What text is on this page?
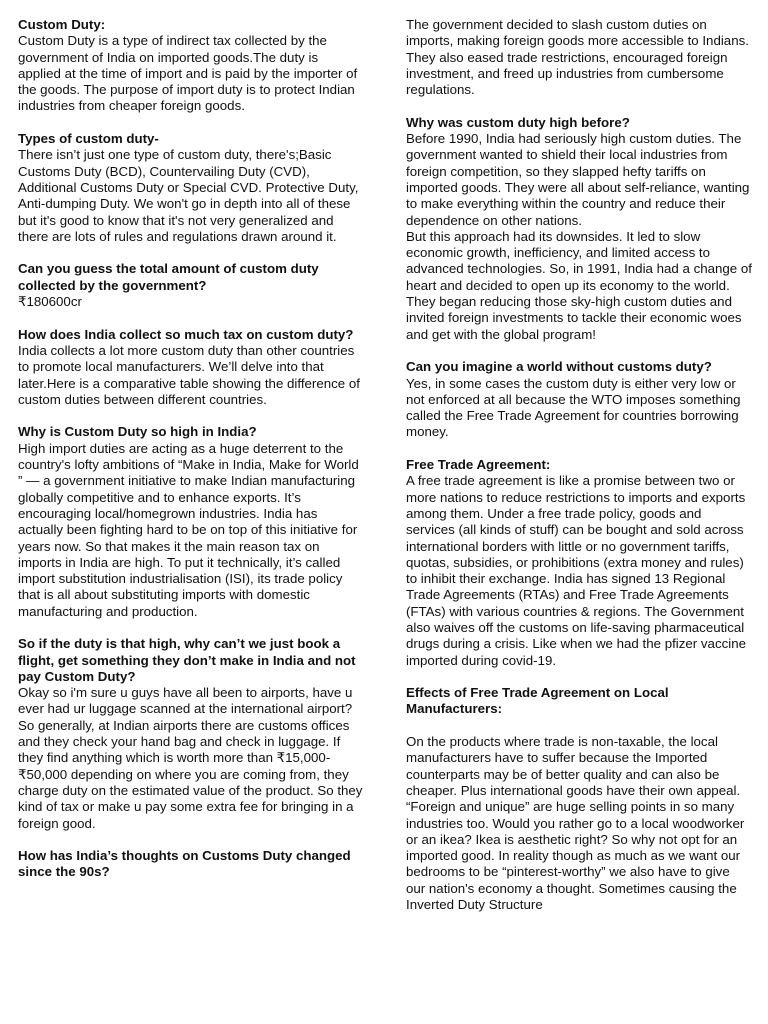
Custom Duty:

Custom Duty is a type of indirect tax collected by the government of India on imported goods.The duty is applied at the time of import and is paid by the importer of the goods. The purpose of import duty is to protect Indian industries from cheaper foreign goods.

Types of custom duty-

There isn’t just one type of custom duty, there's;Basic Customs Duty (BCD), Countervailing Duty (CVD), Additional Customs Duty or Special CVD. Protective Duty, Anti-dumping Duty. We won't go in depth into all of these but it's good to know that it's not very generalized and there are lots of rules and regulations drawn around it.

Can you guess the total amount of custom duty collected by the government?

₹180600cr

How does India collect so much tax on custom duty?

India collects a lot more custom duty than other countries to promote local manufacturers. We’ll delve into that later.Here is a comparative table showing the difference of custom duties between different countries.

Why is Custom Duty so high in India?

High import duties are acting as a huge deterrent to the country's lofty ambitions of “Make in India, Make for World ” — a government initiative to make Indian manufacturing globally competitive and to enhance exports. It’s encouraging local/homegrown industries. India has actually been fighting hard to be on top of this initiative for years now. So that makes it the main reason tax on imports in India are high. To put it technically, it’s called import substitution industrialisation (ISI), its trade policy that is all about substituting imports with domestic manufacturing and production.

So if the duty is that high, why can’t we just book a flight, get something they don’t make in India and not pay Custom Duty?

Okay so i'm sure u guys have all been to airports, have u ever had ur luggage scanned at the international airport? So generally, at Indian airports there are customs offices and they check your hand bag and check in luggage. If they find anything which is worth more than ₹15,000-₹50,000 depending on where you are coming from, they charge duty on the estimated value of the product. So they kind of tax or make u pay some extra fee for bringing in a foreign good.

How has India’s thoughts on Customs Duty changed since the 90s?

The government decided to slash custom duties on imports, making foreign goods more accessible to Indians. They also eased trade restrictions, encouraged foreign investment, and freed up industries from cumbersome regulations.

Why was custom duty high before?

Before 1990, India had seriously high custom duties. The government wanted to shield their local industries from foreign competition, so they slapped hefty tariffs on imported goods. They were all about self-reliance, wanting to make everything within the country and reduce their dependence on other nations.

But this approach had its downsides. It led to slow economic growth, inefficiency, and limited access to advanced technologies. So, in 1991, India had a change of heart and decided to open up its economy to the world. They began reducing those sky-high custom duties and invited foreign investments to tackle their economic woes and get with the global program!

Can you imagine a world without customs duty?

Yes, in some cases the custom duty is either very low or not enforced at all because the WTO imposes something called the Free Trade Agreement for countries borrowing money.

Free Trade Agreement:

A free trade agreement is like a promise between two or more nations to reduce restrictions to imports and exports among them. Under a free trade policy, goods and services (all kinds of stuff) can be bought and sold across international borders with little or no government tariffs, quotas, subsidies, or prohibitions (extra money and rules) to inhibit their exchange. India has signed 13 Regional Trade Agreements (RTAs) and Free Trade Agreements (FTAs) with various countries & regions. The Government also waives off the customs on life-saving pharmaceutical drugs during a crisis. Like when we had the pfizer vaccine imported during covid-19.

Effects of Free Trade Agreement on Local Manufacturers:

On the products where trade is non-taxable, the local manufacturers have to suffer because the Imported counterparts may be of better quality and can also be cheaper. Plus international goods have their own appeal. “Foreign and unique” are huge selling points in so many industries too. Would you rather go to a local woodworker or an ikea? Ikea is aesthetic right? So why not opt for an imported good. In reality though as much as we want our bedrooms to be “pinterest-worthy” we also have to give our nation's economy a thought. Sometimes causing the Inverted Duty Structure
